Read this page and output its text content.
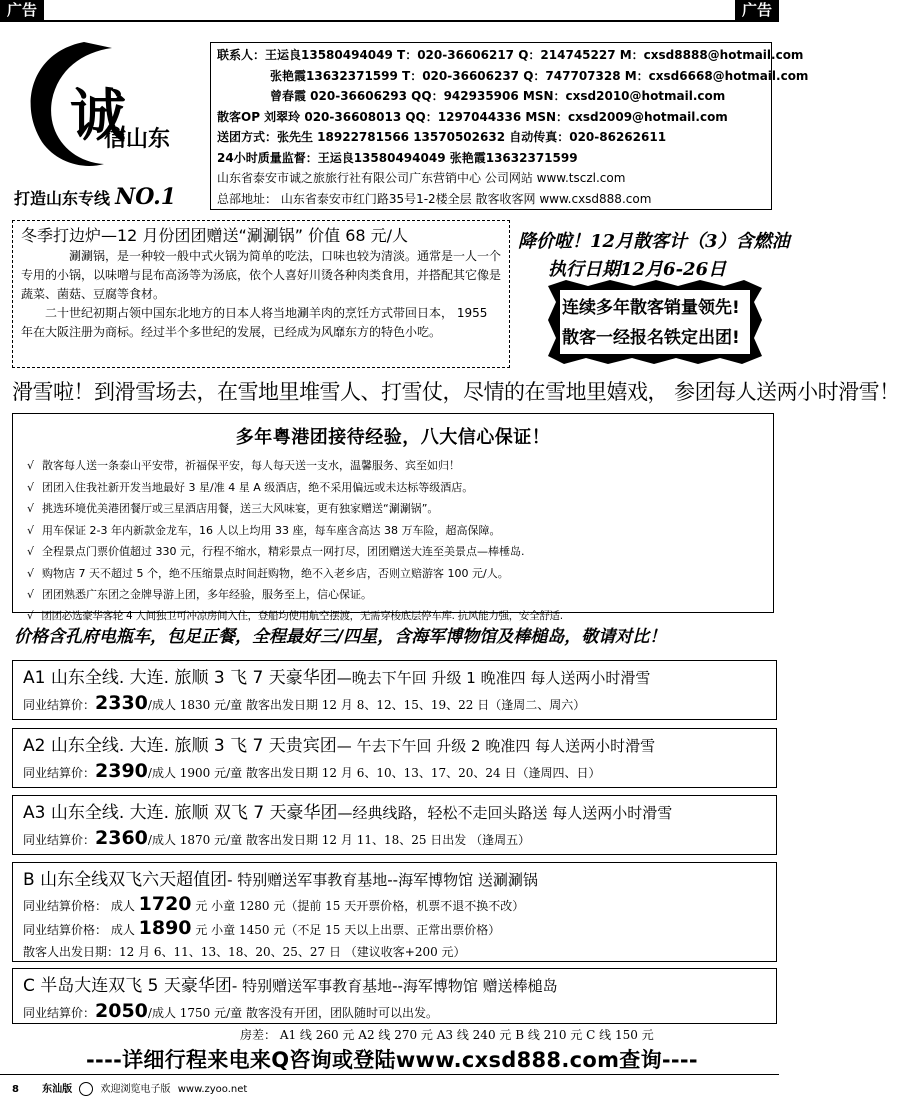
广告	广告
诚
信山东
打造山东专线 NO.1
联系人：王运良13580494049 T：020-36606217 Q：214745227 M：cxsd8888@hotmail.com
张艳霞13632371599 T：020-36606237 Q：747707328 M：cxsd6668@hotmail.com
曾春霞 020-36606293 QQ：942935906 MSN：cxsd2010@hotmail.com
散客OP 刘翠玲 020-36608013 QQ：1297044336 MSN：cxsd2009@hotmail.com
送团方式：张先生 18922781566 13570502632 自动传真：020-86262611
24小时质量监督：王运良13580494049 张艳霞13632371599
山东省泰安市诚之旅旅行社有限公司广东营销中心 公司网站 www.tsczl.com
总部地址： 山东省泰安市红门路35号1-2楼全层 散客收客网 www.cxsd888.com
冬季打边炉—12 月份团团赠送“涮涮锅” 价值 68 元/人

涮涮锅，是一种较一般中式火锅为简单的吃法，口味也较为清淡。通常是一人一个专用的小锅，以味噌与昆布高汤等为汤底，依个人喜好川烫各种肉类食用，并搭配其它像是蔬菜、菌菇、豆腐等食材。

二十世纪初期占领中国东北地方的日本人将当地涮羊肉的烹饪方式带回日本， 1955 年在大阪注册为商标。经过半个多世纪的发展，已经成为风靡东方的特色小吃。

降价啦！12月散客计（3）含燃油
执行日期12月6-26日
连续多年散客销量领先!
散客一经报名铁定出团!
滑雪啦！到滑雪场去，在雪地里堆雪人、打雪仗，尽情的在雪地里嬉戏， 参团每人送两小时滑雪！
多年粤港团接待经验，八大信心保证！
√ 散客每人送一条泰山平安带，祈福保平安，每人每天送一支水，温馨服务、宾至如归！
√ 团团入住我社新开发当地最好 3 星/准 4 星 A 级酒店，绝不采用偏远或未达标等级酒店。
√ 挑选环境优美港团餐厅或三星酒店用餐，送三大风味宴，更有独家赠送“涮涮锅”。
√ 用车保证 2-3 年内新款金龙车，16 人以上均用 33 座，每车座含高达 38 万车险，超高保障。
√ 全程景点门票价值超过 330 元，行程不缩水，精彩景点一网打尽，团团赠送大连至美景点—棒棰岛.
√ 购物店 7 天不超过 5 个，绝不压缩景点时间赶购物，绝不入老乡店，否则立赔游客 100 元/人。
√ 团团熟悉广东团之金牌导游上团，多年经验，服务至上，信心保证。
√ 团团必选豪华客轮 4 人间独卫可冲凉房间入住，登船均使用航空摆渡，无需穿梭底层停车库. 抗风能力强，安全舒适.
价格含孔府电瓶车，包足正餐，全程最好三/四星，含海军博物馆及棒槌岛，敬请对比！
A1 山东全线. 大连. 旅顺 3 飞 7 天豪华团—晚去下午回 升级 1 晚准四 每人送两小时滑雪
同业结算价：2330/成人 1830 元/童 散客出发日期 12 月 8、12、15、19、22 日（逢周二、周六）
A2 山东全线. 大连. 旅顺 3 飞 7 天贵宾团— 午去下午回 升级 2 晚准四 每人送两小时滑雪
同业结算价：2390/成人 1900 元/童 散客出发日期 12 月 6、10、13、17、20、24 日（逢周四、日）
A3 山东全线. 大连. 旅顺 双飞 7 天豪华团—经典线路，轻松不走回头路送 每人送两小时滑雪
同业结算价：2360/成人 1870 元/童 散客出发日期 12 月 11、18、25 日出发 （逢周五）
B 山东全线双飞六天超值团- 特别赠送军事教育基地--海军博物馆 送涮涮锅
同业结算价格： 成人 1720 元 小童 1280 元（提前 15 天开票价格，机票不退不换不改）
同业结算价格： 成人 1890 元 小童 1450 元（不足 15 天以上出票、正常出票价格）
散客人出发日期：12 月 6、11、13、18、20、25、27 日 （建议收客+200 元）
C 半岛大连双飞 5 天豪华团- 特别赠送军事教育基地--海军博物馆 赠送棒槌岛
同业结算价：2050/成人 1750 元/童 散客没有开团，团队随时可以出发。
房差： A1 线 260 元 A2 线 270 元 A3 线 240 元 B 线 210 元 C 线 150 元
----详细行程来电来Q咨询或登陆www.cxsd888.com查询----
8 东汕版	欢迎浏览电子版 www.zyoo.net
